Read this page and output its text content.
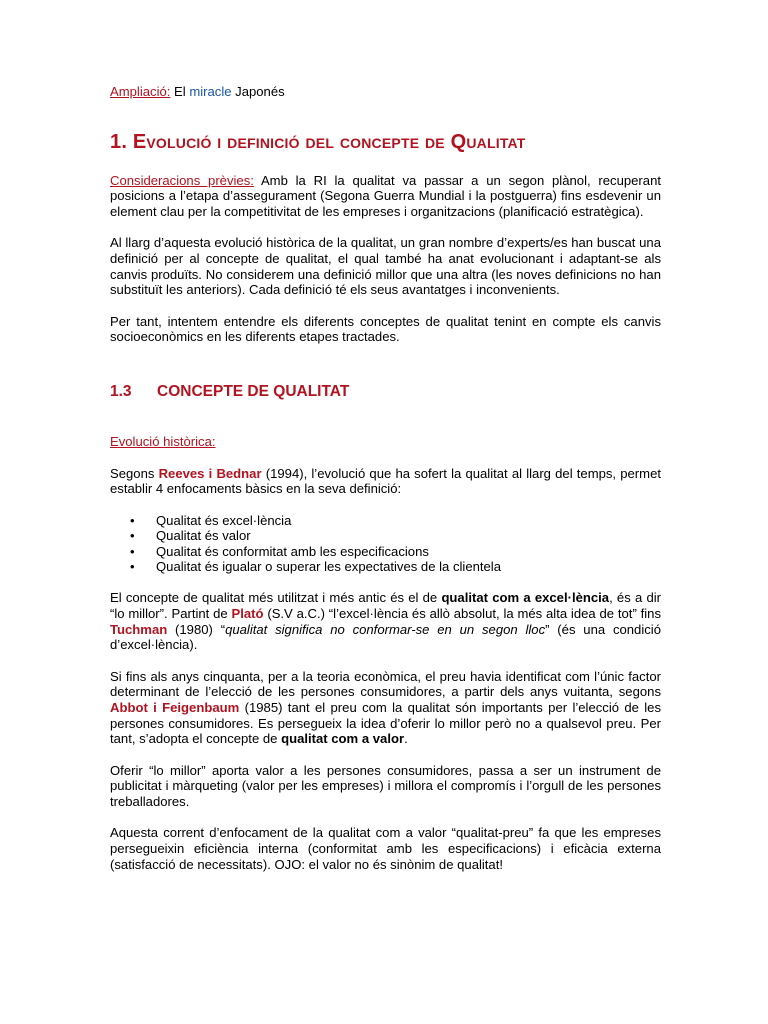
Ampliació: El miracle Japonés

1. Evolució i definició del concepte de Qualitat

Consideracions prèvies: Amb la RI la qualitat va passar a un segon plànol, recuperant posicions a l’etapa d’assegurament (Segona Guerra Mundial i la postguerra) fins esdevenir un element clau per la competitivitat de les empreses i organitzacions (planificació estratègica).

Al llarg d’aquesta evolució històrica de la qualitat, un gran nombre d’experts/es han buscat una definició per al concepte de qualitat, el qual també ha anat evolucionant i adaptant-se als canvis produïts. No considerem una definició millor que una altra (les noves definicions no han substituït les anteriors). Cada definició té els seus avantatges i inconvenients.

Per tant, intentem entendre els diferents conceptes de qualitat tenint en compte els canvis socioeconòmics en les diferents etapes tractades.

1.3 CONCEPTE DE QUALITAT

Evolució històrica:

Segons Reeves i Bednar (1994), l’evolució que ha sofert la qualitat al llarg del temps, permet establir 4 enfocaments bàsics en la seva definició:

• Qualitat és excel·lència
• Qualitat és valor
• Qualitat és conformitat amb les especificacions
• Qualitat és igualar o superar les expectatives de la clientela

El concepte de qualitat més utilitzat i més antic és el de qualitat com a excel·lència, és a dir “lo millor”. Partint de Plató (S.V a.C.) “l’excel·lència és allò absolut, la més alta idea de tot” fins Tuchman (1980) “qualitat significa no conformar-se en un segon lloc” (és una condició d’excel·lència).

Si fins als anys cinquanta, per a la teoria econòmica, el preu havia identificat com l’únic factor determinant de l’elecció de les persones consumidores, a partir dels anys vuitanta, segons Abbot i Feigenbaum (1985) tant el preu com la qualitat són importants per l’elecció de les persones consumidores. Es persegueix la idea d’oferir lo millor però no a qualsevol preu. Per tant, s’adopta el concepte de qualitat com a valor.

Oferir “lo millor” aporta valor a les persones consumidores, passa a ser un instrument de publicitat i màrqueting (valor per les empreses) i millora el compromís i l’orgull de les persones treballadores.

Aquesta corrent d’enfocament de la qualitat com a valor “qualitat-preu” fa que les empreses persegueixin eficiència interna (conformitat amb les especificacions) i eficàcia externa (satisfacció de necessitats). OJO: el valor no és sinònim de qualitat!
